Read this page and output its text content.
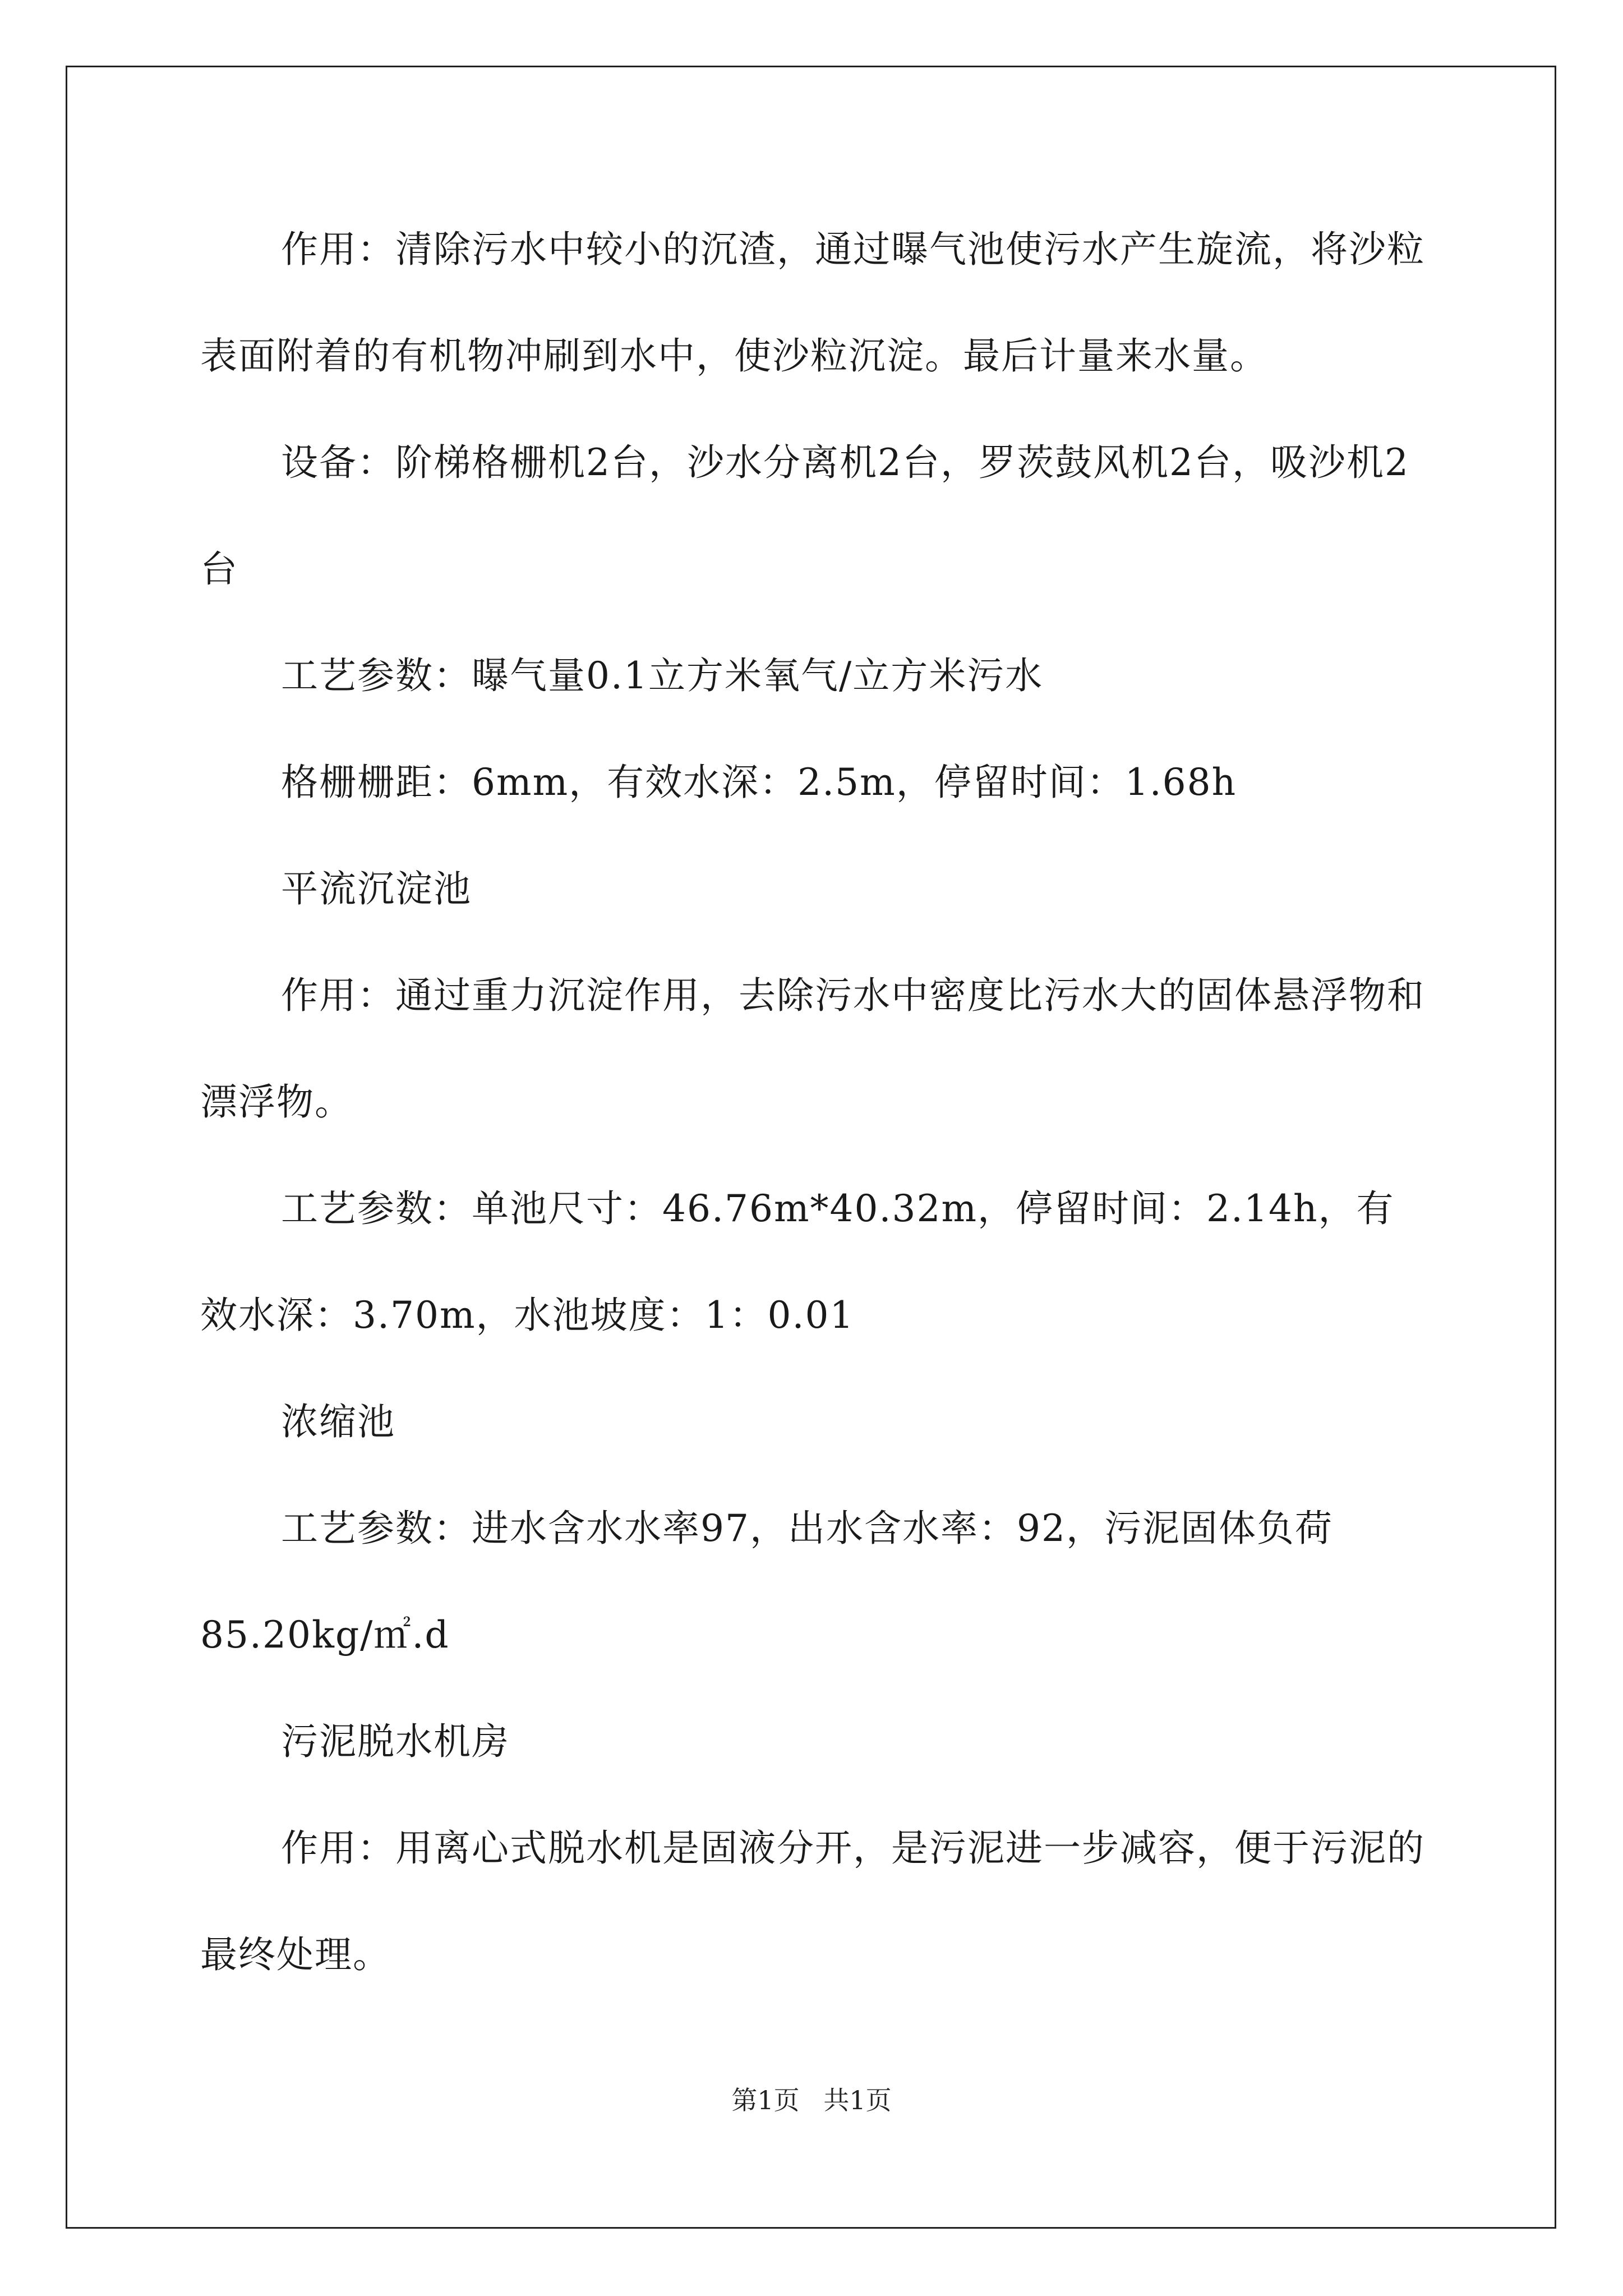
作用：清除污水中较小的沉渣，通过曝气池使污水产生旋流，将沙粒表面附着的有机物冲刷到水中，使沙粒沉淀。最后计量来水量。

设备：阶梯格栅机2台，沙水分离机2台，罗茨鼓风机2台，吸沙机2台

工艺参数：曝气量0.1立方米氧气/立方米污水

格栅栅距：6mm，有效水深：2.5m，停留时间：1.68h

平流沉淀池

作用：通过重力沉淀作用，去除污水中密度比污水大的固体悬浮物和漂浮物。

工艺参数：单池尺寸：46.76m*40.32m，停留时间：2.14h，有效水深：3.70m，水池坡度：1：0.01

浓缩池

工艺参数：进水含水水率97，出水含水率：92，污泥固体负荷85.20kg/㎡.d

污泥脱水机房

作用：用离心式脱水机是固液分开，是污泥进一步减容，便于污泥的最终处理。

第1页 共1页
